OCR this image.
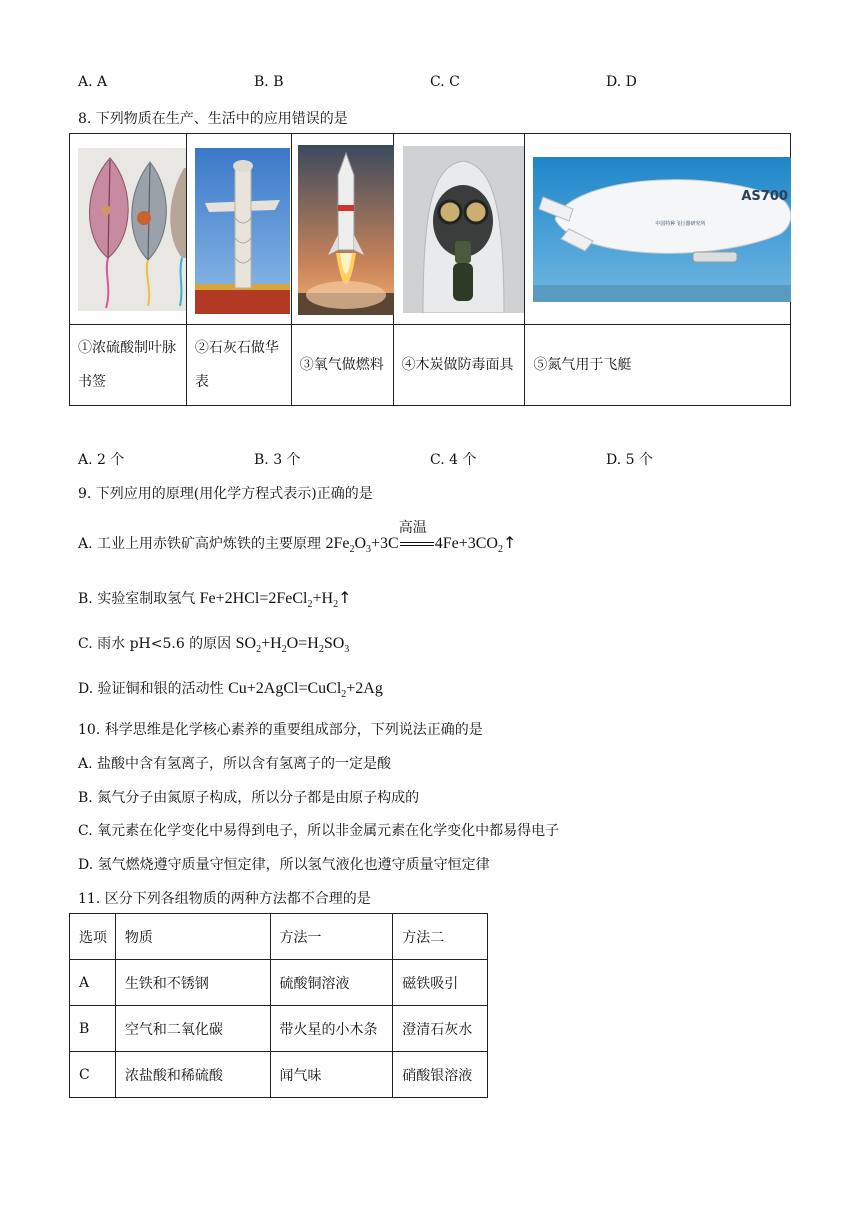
A. A	B. B	C. C	D. D
8. 下列物质在生产、生活中的应用错误的是

AS700
中国特种飞行器研究所

①浓硫酸制叶脉书签	②石灰石做华表	③氧气做燃料	④木炭做防毒面具	⑤氮气用于飞艇
A. 2 个	B. 3 个	C. 4 个	D. 5 个
9. 下列应用的原理(用化学方程式表示)正确的是
A. 工业上用赤铁矿高炉炼铁的主要原理 $2Fe_2O_3+3C$
高温
$4Fe+3CO_2↑$
B. 实验室制取氢气 $Fe+2HCl=2FeCl_2+H_2↑$
C. 雨水 pH<5.6 的原因 $SO_2+H_2O=H_2SO_3$
D. 验证铜和银的活动性 Cu+2AgCl=CuCl$_2$+2Ag
10. 科学思维是化学核心素养的重要组成部分，下列说法正确的是
A. 盐酸中含有氢离子，所以含有氢离子的一定是酸
B. 氮气分子由氮原子构成，所以分子都是由原子构成的
C. 氧元素在化学变化中易得到电子，所以非金属元素在化学变化中都易得电子
D. 氢气燃烧遵守质量守恒定律，所以氢气液化也遵守质量守恒定律
11. 区分下列各组物质的两种方法都不合理的是
选项	物质	方法一	方法二
A	生铁和不锈钢	硫酸铜溶液	磁铁吸引
B	空气和二氧化碳	带火星的小木条	澄清石灰水
C	浓盐酸和稀硫酸	闻气味	硝酸银溶液
